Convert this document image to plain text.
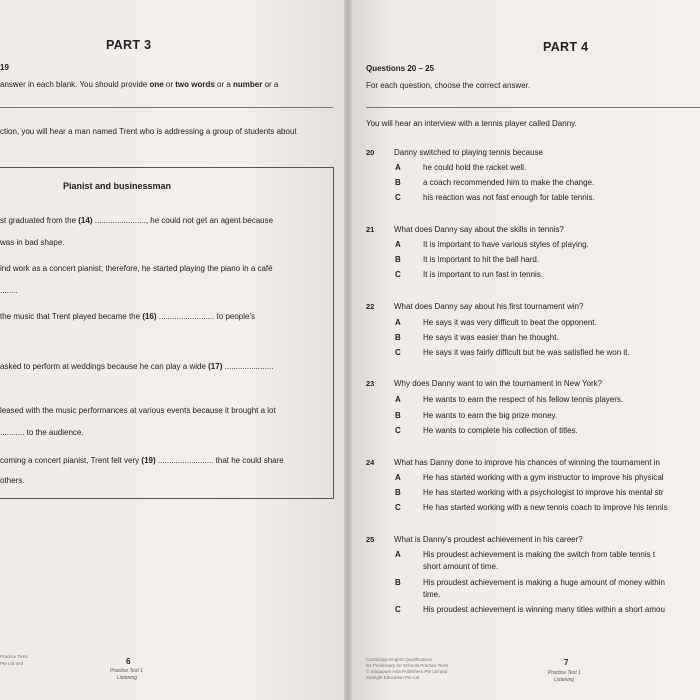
PART 3
19
answer in each blank. You should provide one or two words or a number or a
ction, you will hear a man named Trent who is addressing a group of students about
Pianist and businessman
st graduated from the (14) ......................., he could not get an agent because
was in bad shape.
ind work as a concert pianist; therefore, he started playing the piano in a café
........
the music that Trent played became the (16) ......................... to people's
asked to perform at weddings because he can play a wide (17) ......................
leased with the music performances at various events because it brought a lot
........... to the audience.
coming a concert pianist, Trent felt very (19) ......................... that he could share
others.
Practice Tests
Pte Ltd and	6
Practice Test 1
Listening
PART 4
Questions 20 – 25
For each question, choose the correct answer.
You will hear an interview with a tennis player called Danny.
20 Danny switched to playing tennis because
A	he could hold the racket well.
B	a coach recommended him to make the change.
C	his reaction was not fast enough for table tennis.
21 What does Danny say about the skills in tennis?
A	It is important to have various styles of playing.
B	It is important to hit the ball hard.
C	It is important to run fast in tennis.
22 What does Danny say about his first tournament win?
A	He says it was very difficult to beat the opponent.
B	He says it was easier than he thought.
C	He says it was fairly difficult but he was satisfied he won it.
23 Why does Danny want to win the tournament in New York?
A	He wants to earn the respect of his fellow tennis players.
B	He wants to earn the big prize money.
C	He wants to complete his collection of titles.
24 What has Danny done to improve his chances of winning the tournament in
A	He has started working with a gym instructor to improve his physical
B	He has started working with a psychologist to improve his mental str
C	He has started working with a new tennis coach to improve his tennis
25 What is Danny's proudest achievement in his career?
A	His proudest achievement is making the switch from table tennis t
short amount of time.
B	His proudest achievement is making a huge amount of money within
time.
C	His proudest achievement is winning many titles within a short amou
Cambridge English Qualifications
B1 Preliminary for Schools Practice Tests
© Singapore Asia Publishers Pte Ltd and
Starlight Education Pte Ltd
7
Practice Test 1
Listening
